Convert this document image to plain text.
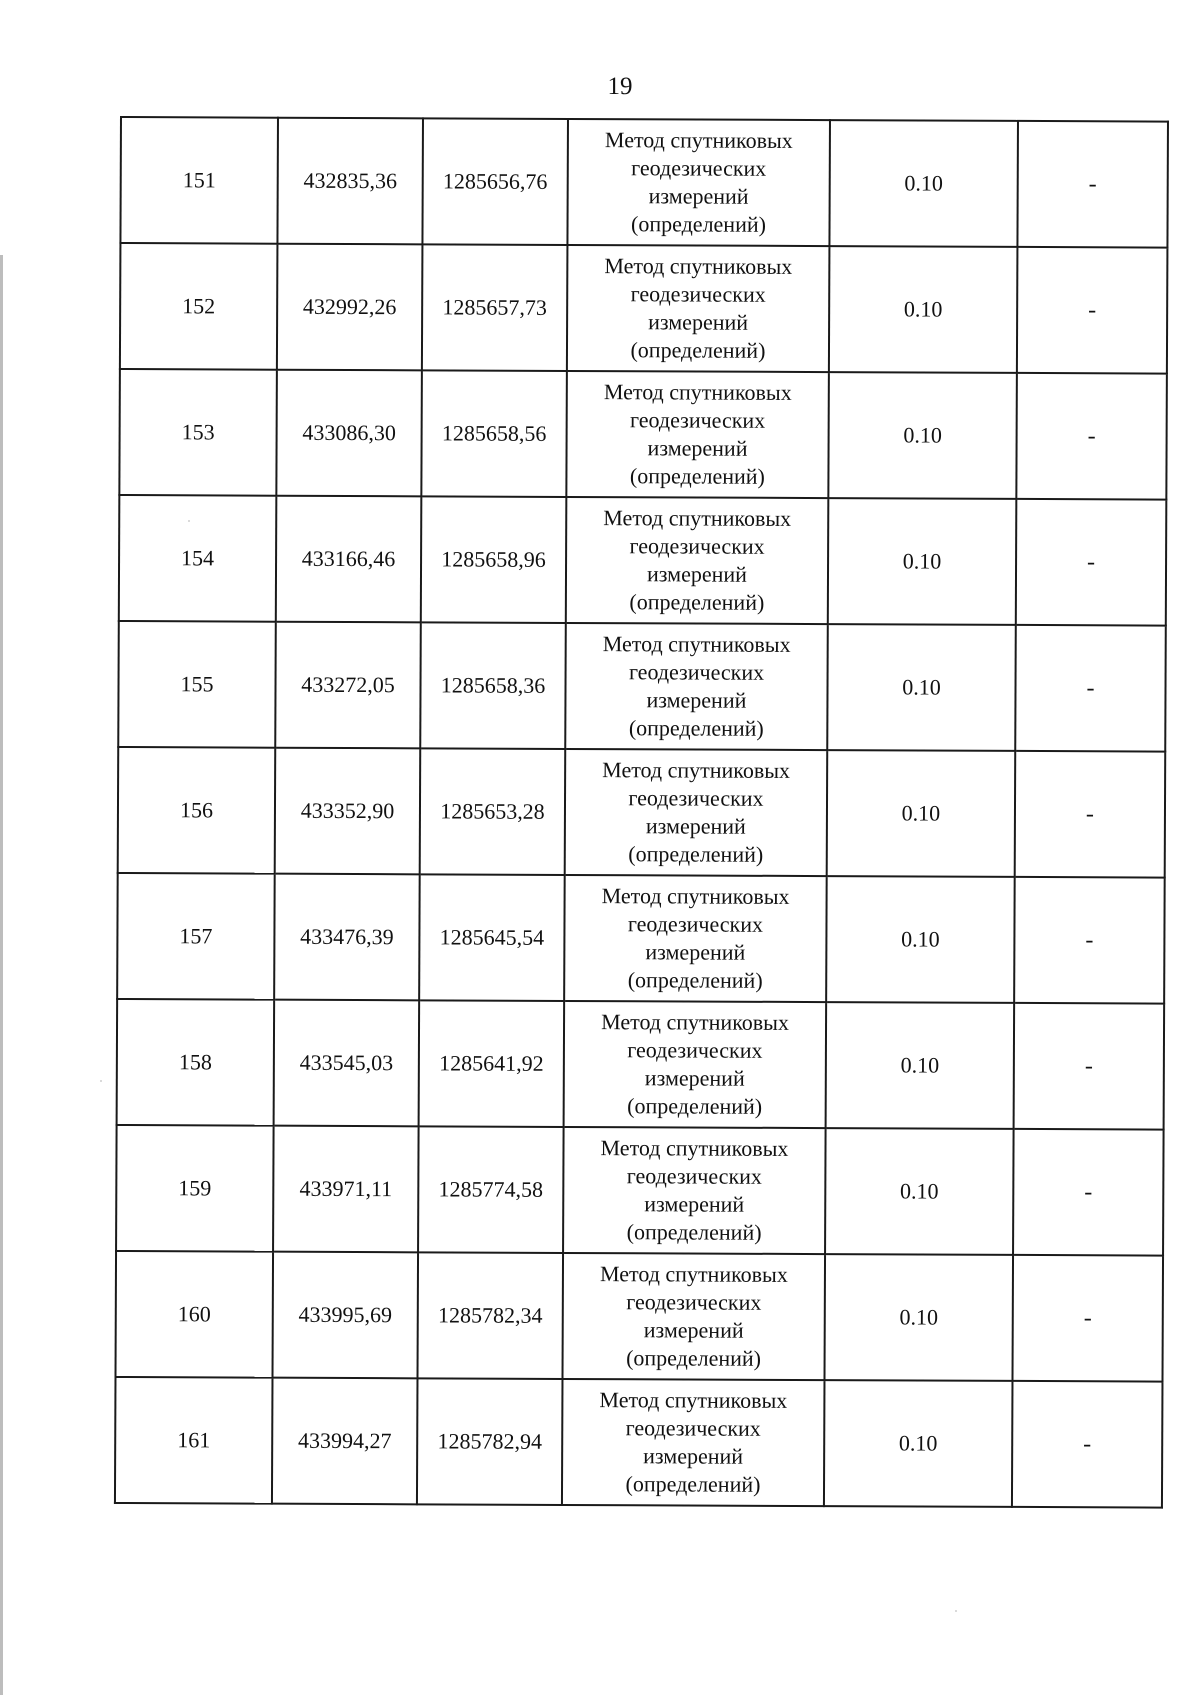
19
151	432835,36	1285656,76	Метод спутниковых
геодезических
измерений
(определений)	0.10	-
152	432992,26	1285657,73	Метод спутниковых
геодезических
измерений
(определений)	0.10	-
153	433086,30	1285658,56	Метод спутниковых
геодезических
измерений
(определений)	0.10	-
154	433166,46	1285658,96	Метод спутниковых
геодезических
измерений
(определений)	0.10	-
155	433272,05	1285658,36	Метод спутниковых
геодезических
измерений
(определений)	0.10	-
156	433352,90	1285653,28	Метод спутниковых
геодезических
измерений
(определений)	0.10	-
157	433476,39	1285645,54	Метод спутниковых
геодезических
измерений
(определений)	0.10	-
158	433545,03	1285641,92	Метод спутниковых
геодезических
измерений
(определений)	0.10	-
159	433971,11	1285774,58	Метод спутниковых
геодезических
измерений
(определений)	0.10	-
160	433995,69	1285782,34	Метод спутниковых
геодезических
измерений
(определений)	0.10	-
161	433994,27	1285782,94	Метод спутниковых
геодезических
измерений
(определений)	0.10	-
